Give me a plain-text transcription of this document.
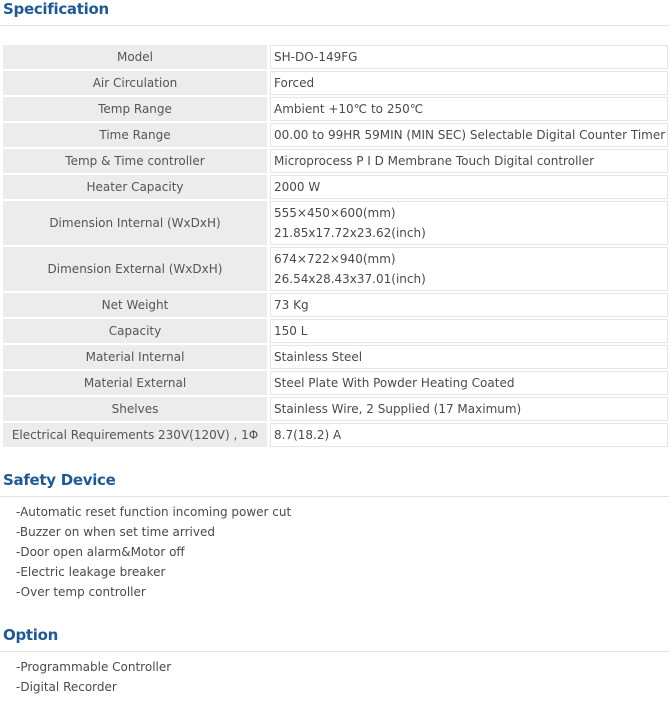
Specification
Model	SH-DO-149FG

Air Circulation	Forced

Temp Range	Ambient +10℃ to 250℃

Time Range	00.00 to 99HR 59MIN (MIN SEC) Selectable Digital Counter Timer

Temp & Time controller	Microprocess P I D Membrane Touch Digital controller

Heater Capacity	2000 W

Dimension Internal (WxDxH)	555×450×600(mm)
21.85x17.72x23.62(inch)

Dimension External (WxDxH)	674×722×940(mm)
26.54x28.43x37.01(inch)

Net Weight	73 Kg

Capacity	150 L

Material Internal	Stainless Steel

Material External	Steel Plate With Powder Heating Coated

Shelves	Stainless Wire, 2 Supplied (17 Maximum)

Electrical Requirements 230V(120V) , 1Φ	8.7(18.2) A
Safety Device
-Automatic reset function incoming power cut
-Buzzer on when set time arrived
-Door open alarm&Motor off
-Electric leakage breaker
-Over temp controller
Option
-Programmable Controller
-Digital Recorder
